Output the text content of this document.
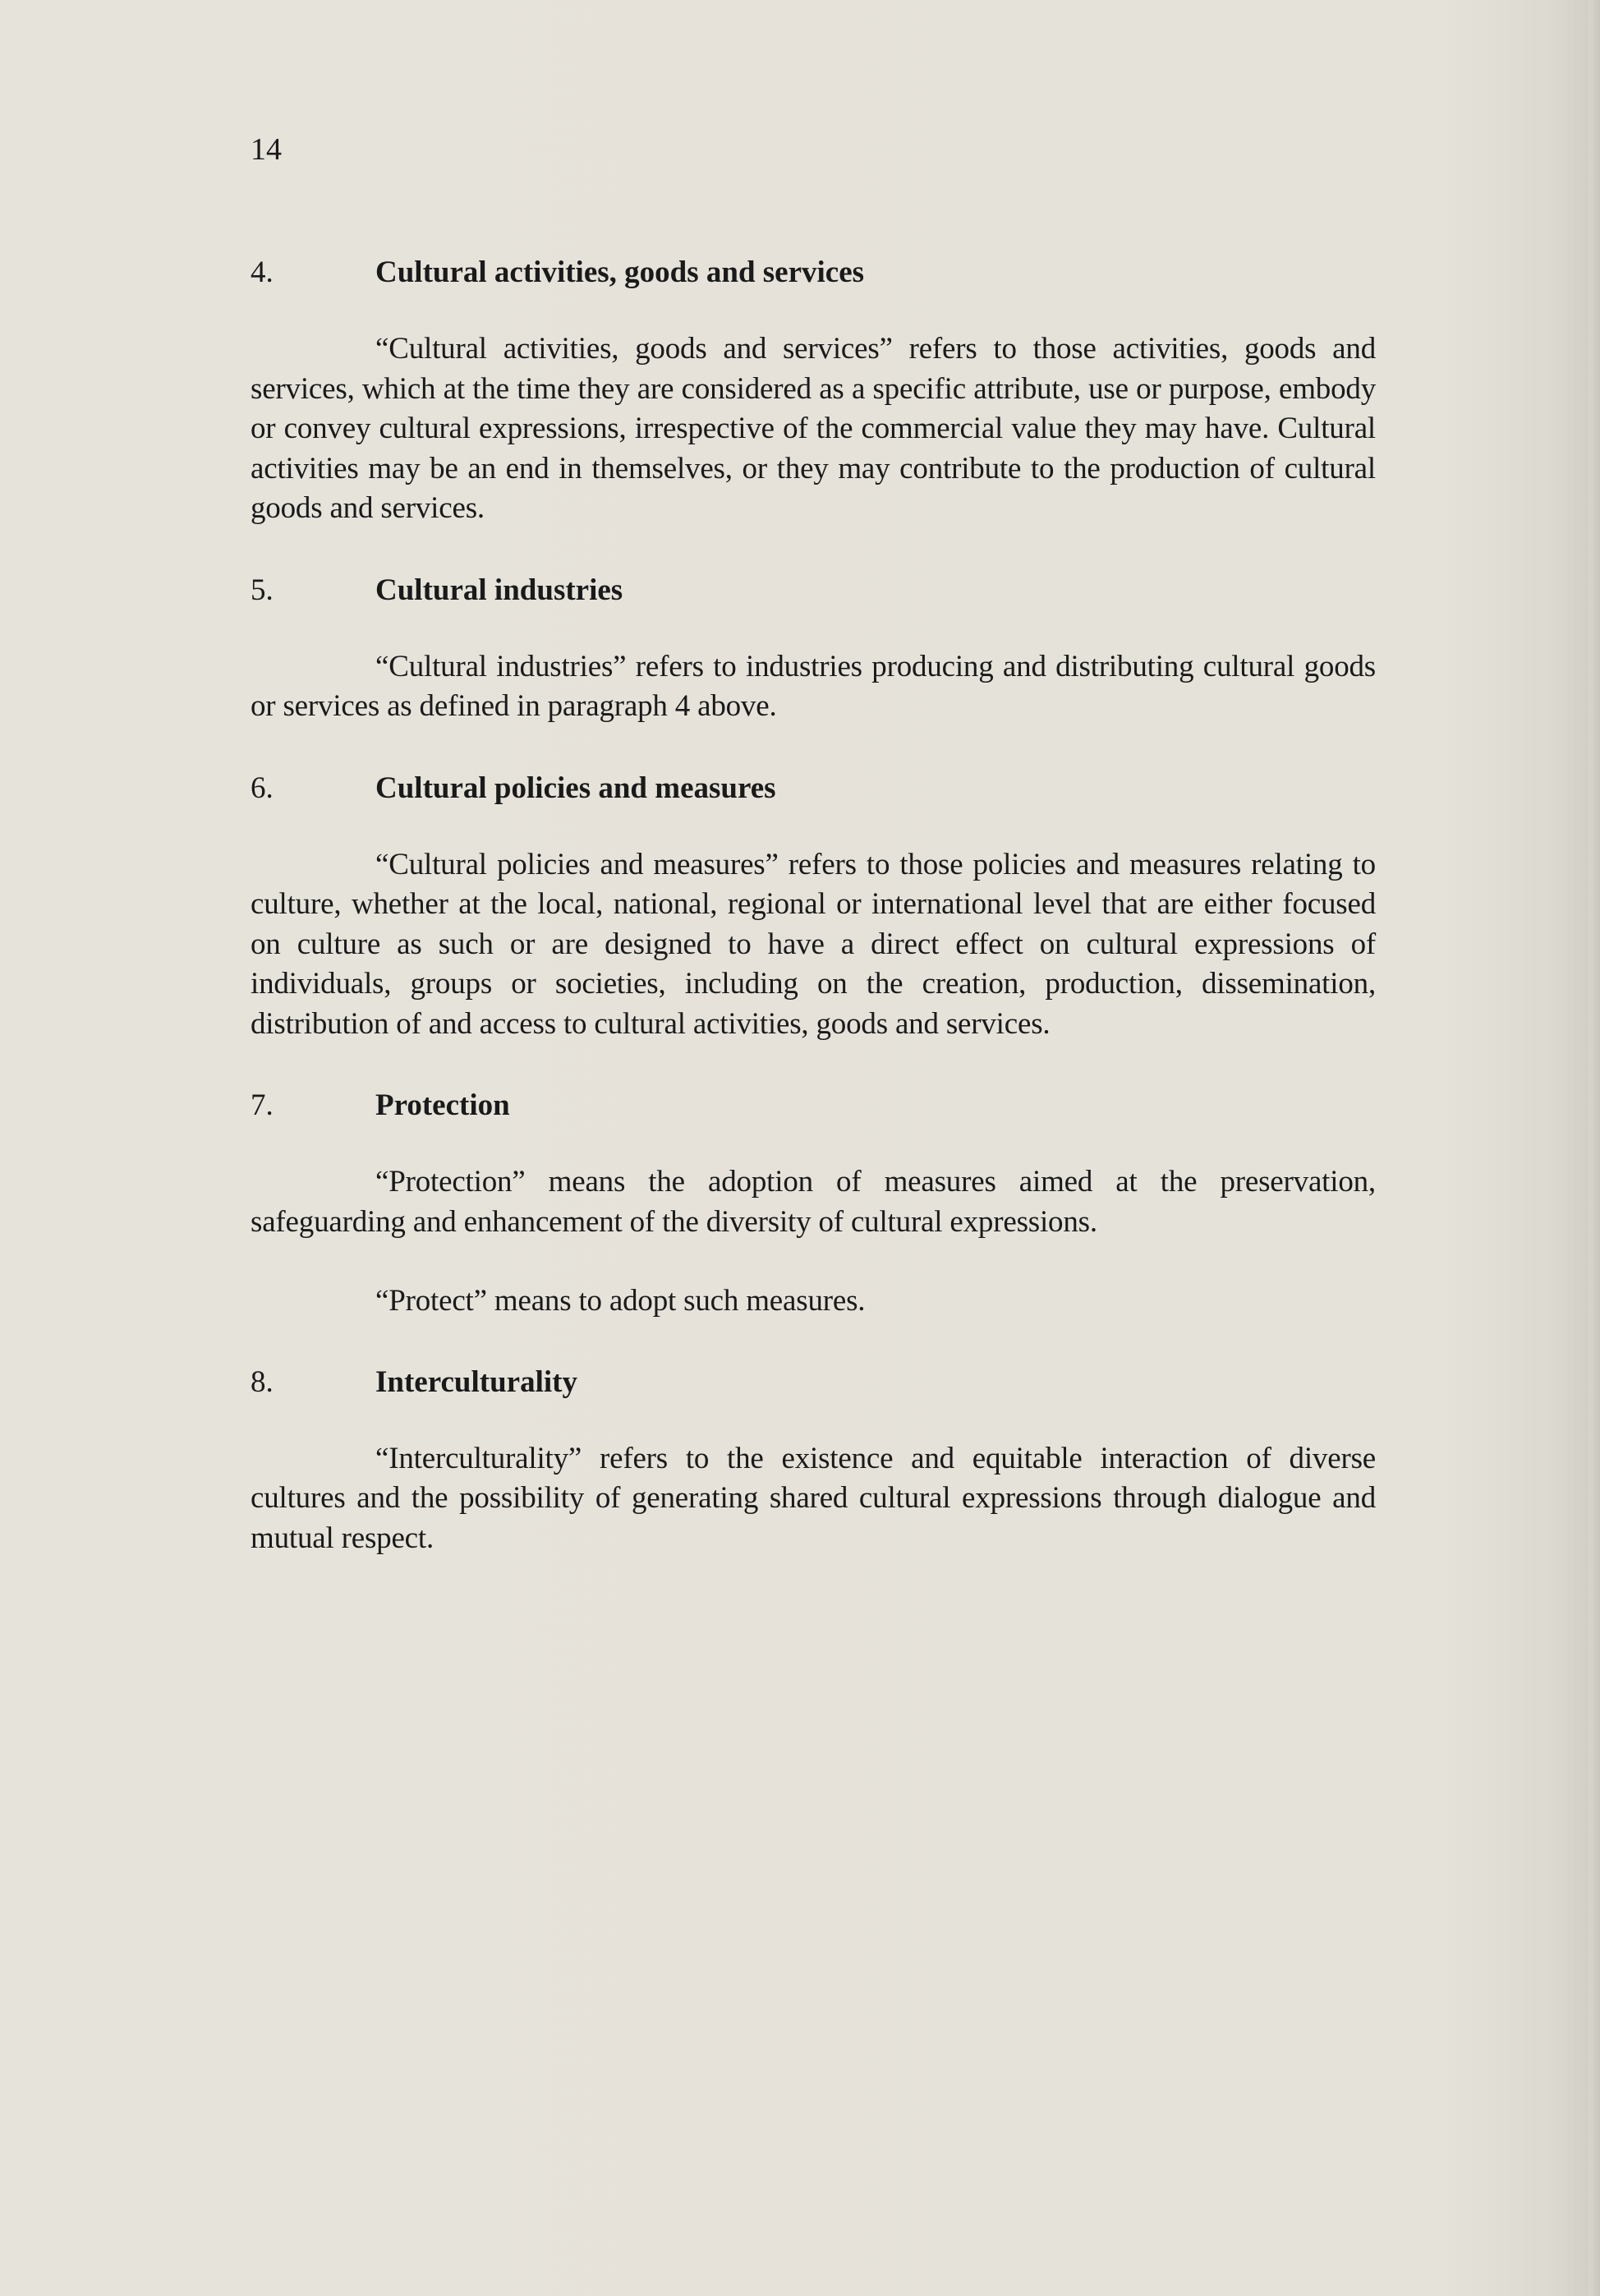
14
4.	Cultural activities, goods and services

“Cultural activities, goods and services” refers to those activities, goods and services, which at the time they are considered as a specific attribute, use or purpose, embody or convey cultural expressions, irrespective of the commercial value they may have. Cultural activities may be an end in themselves, or they may contribute to the production of cultural goods and services.

5.	Cultural industries

“Cultural industries” refers to industries producing and distributing cultural goods or services as defined in paragraph 4 above.

6.	Cultural policies and measures

“Cultural policies and measures” refers to those policies and measures relating to culture, whether at the local, national, regional or international level that are either focused on culture as such or are designed to have a direct effect on cultural expressions of individuals, groups or societies, including on the creation, production, dissemination, distribution of and access to cultural activities, goods and services.

7.	Protection

“Protection” means the adoption of measures aimed at the preservation, safeguarding and enhancement of the diversity of cultural expressions.

“Protect” means to adopt such measures.

8.	Interculturality

“Interculturality” refers to the existence and equitable interaction of diverse cultures and the possibility of generating shared cultural expressions through dialogue and mutual respect.
